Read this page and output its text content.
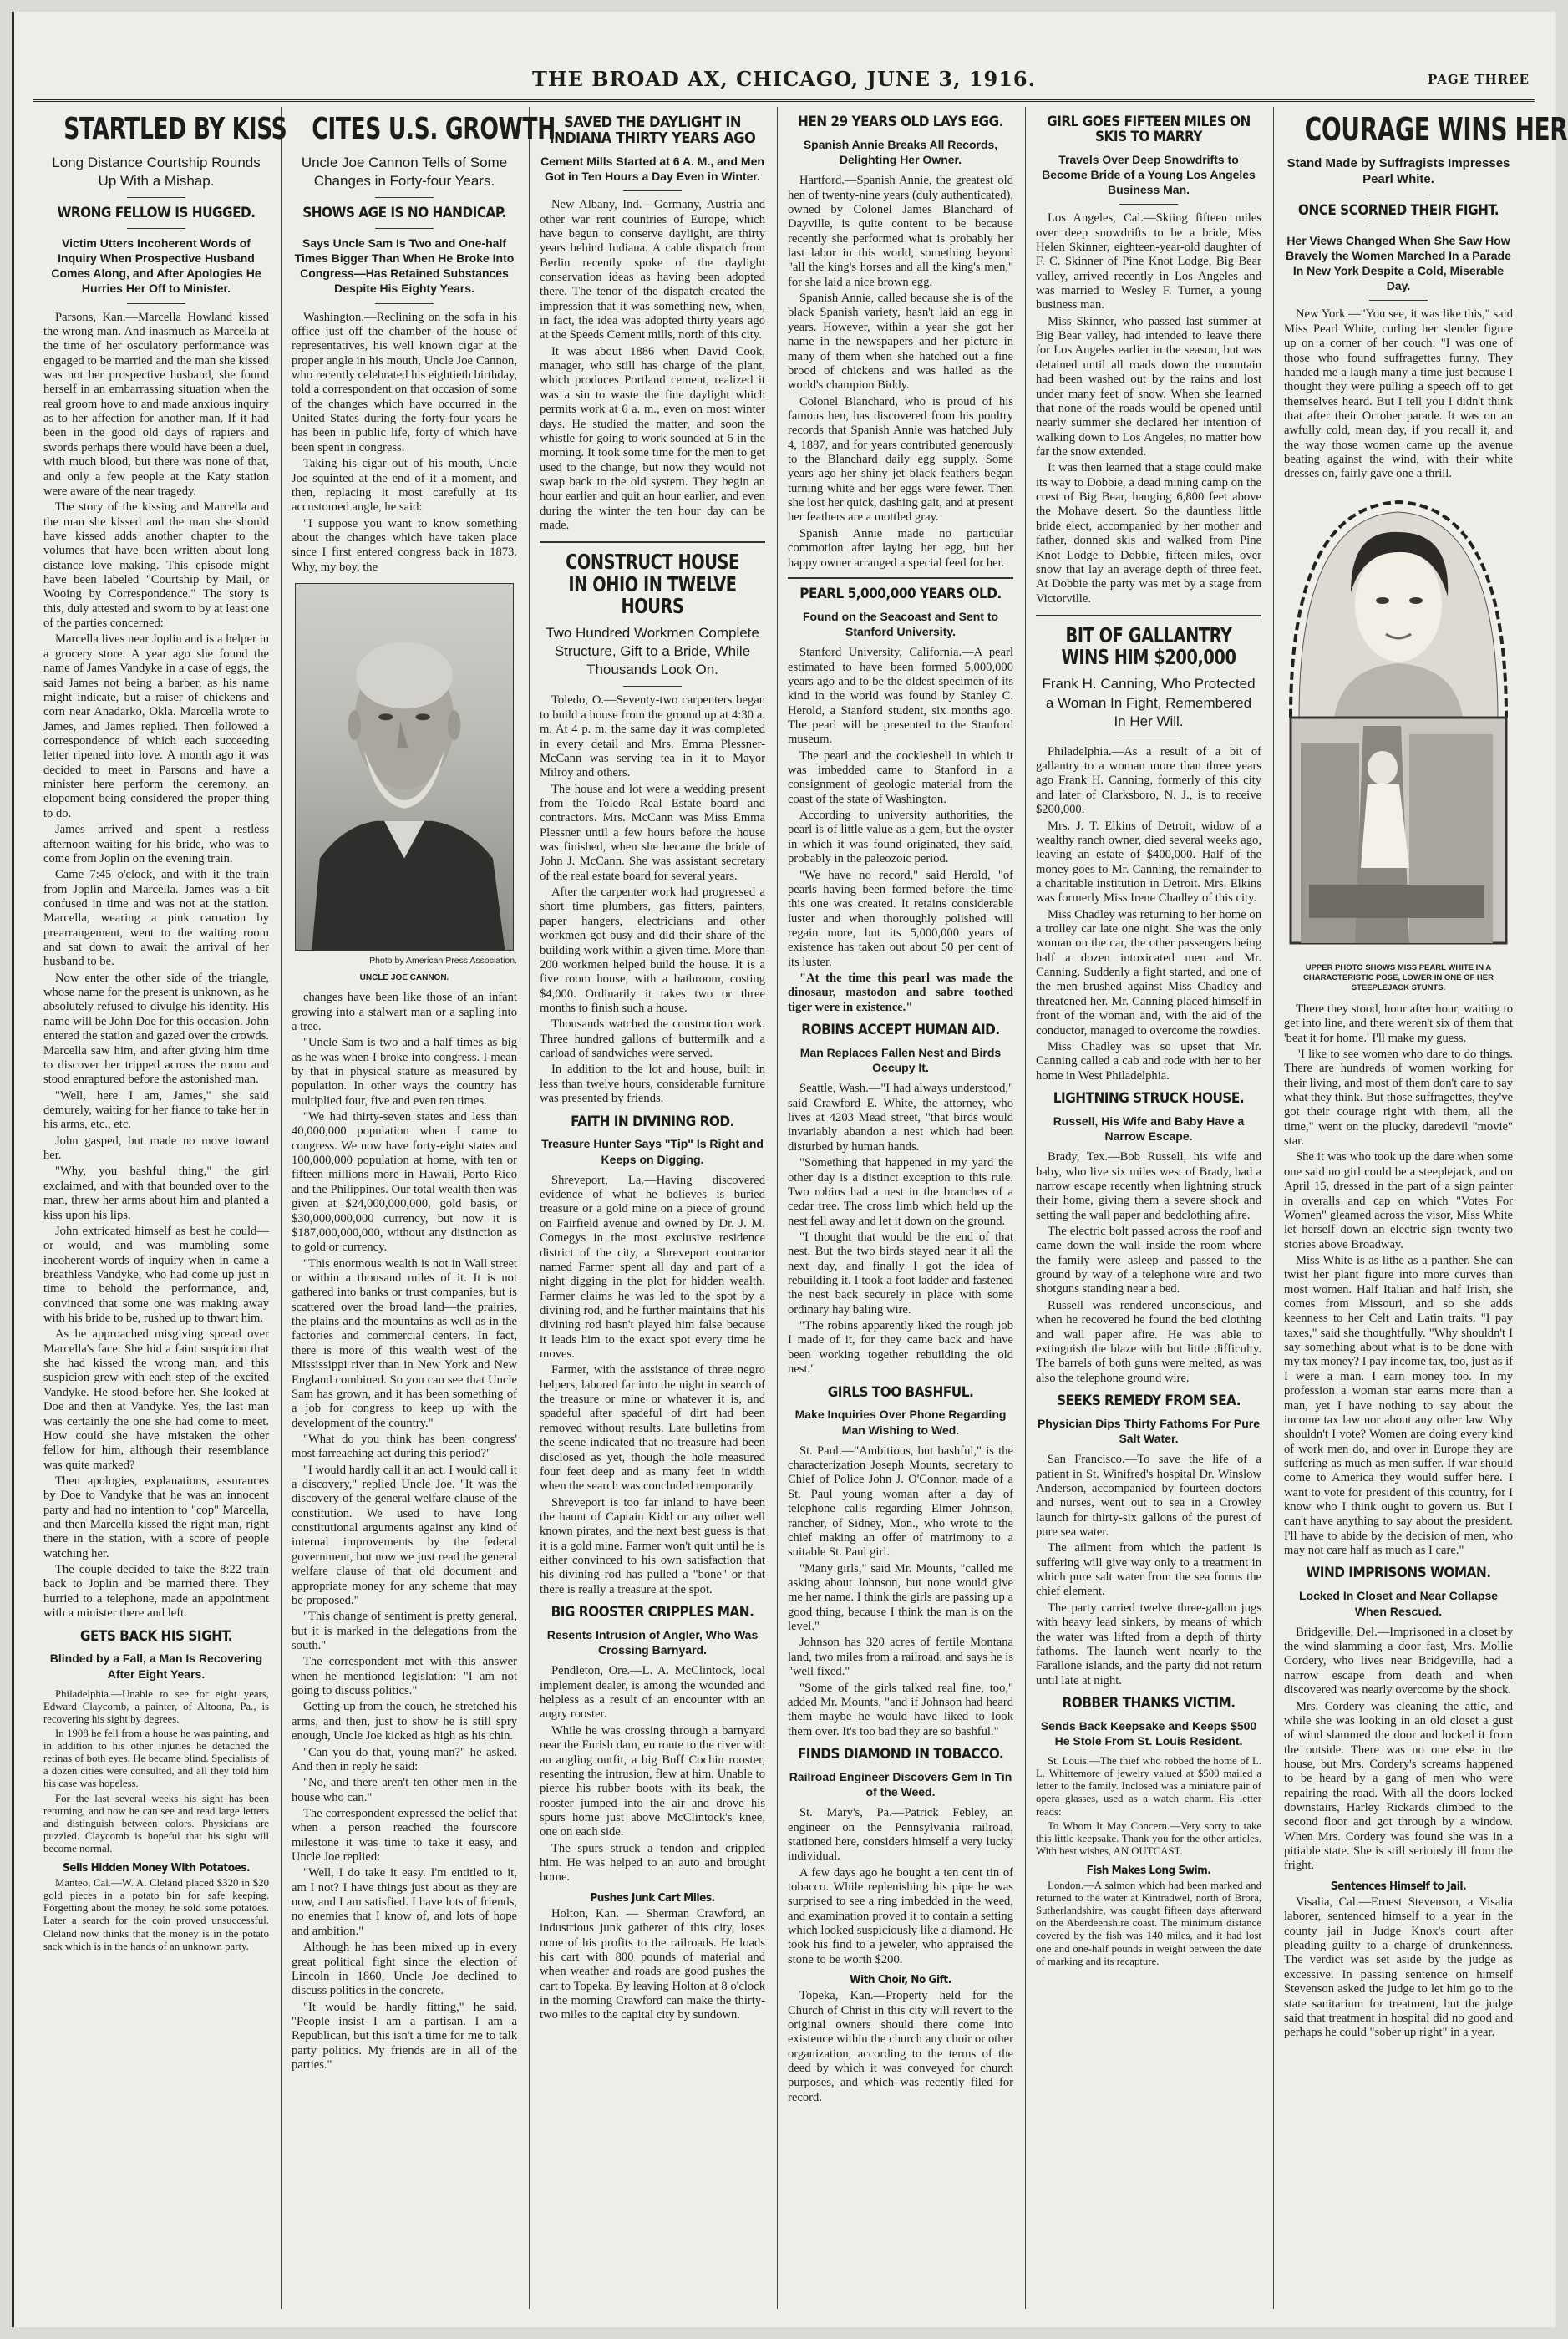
THE BROAD AX, CHICAGO, JUNE 3, 1916.	PAGE THREE
STARTLED BY KISS
Long Distance Courtship Rounds Up With a Mishap.
WRONG FELLOW IS HUGGED.
Victim Utters Incoherent Words of Inquiry When Prospective Husband Comes Along, and After Apologies He Hurries Her Off to Minister.

Parsons, Kan.—Marcella Howland kissed the wrong man. And inasmuch as Marcella at the time of her osculatory performance was engaged to be married and the man she kissed was not her prospective husband, she found herself in an embarrassing situation when the real groom hove to and made anxious inquiry as to her affection for another man. If it had been in the good old days of rapiers and swords perhaps there would have been a duel, with much blood, but there was none of that, and only a few people at the Katy station were aware of the near tragedy.

The story of the kissing and Marcella and the man she kissed and the man she should have kissed adds another chapter to the volumes that have been written about long distance love making. This episode might have been labeled "Courtship by Mail, or Wooing by Correspondence." The story is this, duly attested and sworn to by at least one of the parties concerned:

Marcella lives near Joplin and is a helper in a grocery store. A year ago she found the name of James Vandyke in a case of eggs, the said James not being a barber, as his name might indicate, but a raiser of chickens and corn near Anadarko, Okla. Marcella wrote to James, and James replied. Then followed a correspondence of which each succeeding letter ripened into love. A month ago it was decided to meet in Parsons and have a minister here perform the ceremony, an elopement being considered the proper thing to do.

James arrived and spent a restless afternoon waiting for his bride, who was to come from Joplin on the evening train.

Came 7:45 o'clock, and with it the train from Joplin and Marcella. James was a bit confused in time and was not at the station. Marcella, wearing a pink carnation by prearrangement, went to the waiting room and sat down to await the arrival of her husband to be.

Now enter the other side of the triangle, whose name for the present is unknown, as he absolutely refused to divulge his identity. His name will be John Doe for this occasion. John entered the station and gazed over the crowds. Marcella saw him, and after giving him time to discover her tripped across the room and stood enraptured before the astonished man.

"Well, here I am, James," she said demurely, waiting for her fiance to take her in his arms, etc., etc.

John gasped, but made no move toward her.

"Why, you bashful thing," the girl exclaimed, and with that bounded over to the man, threw her arms about him and planted a kiss upon his lips.

John extricated himself as best he could—or would, and was mumbling some incoherent words of inquiry when in came a breathless Vandyke, who had come up just in time to behold the performance, and, convinced that some one was making away with his bride to be, rushed up to thwart him.

As he approached misgiving spread over Marcella's face. She hid a faint suspicion that she had kissed the wrong man, and this suspicion grew with each step of the excited Vandyke. He stood before her. She looked at Doe and then at Vandyke. Yes, the last man was certainly the one she had come to meet. How could she have mistaken the other fellow for him, although their resemblance was quite marked?

Then apologies, explanations, assurances by Doe to Vandyke that he was an innocent party and had no intention to "cop" Marcella, and then Marcella kissed the right man, right there in the station, with a score of people watching her.

The couple decided to take the 8:22 train back to Joplin and be married there. They hurried to a telephone, made an appointment with a minister there and left.

GETS BACK HIS SIGHT.
Blinded by a Fall, a Man Is Recovering After Eight Years.

Philadelphia.—Unable to see for eight years, Edward Claycomb, a painter, of Altoona, Pa., is recovering his sight by degrees.

In 1908 he fell from a house he was painting, and in addition to his other injuries he detached the retinas of both eyes. He became blind. Specialists of a dozen cities were consulted, and all they told him his case was hopeless.

For the last several weeks his sight has been returning, and now he can see and read large letters and distinguish between colors. Physicians are puzzled. Claycomb is hopeful that his sight will become normal.

Sells Hidden Money With Potatoes.

Manteo, Cal.—W. A. Cleland placed $320 in $20 gold pieces in a potato bin for safe keeping. Forgetting about the money, he sold some potatoes. Later a search for the coin proved unsuccessful. Cleland now thinks that the money is in the potato sack which is in the hands of an unknown party.

CITES U.S. GROWTH
Uncle Joe Cannon Tells of Some Changes in Forty-four Years.
SHOWS AGE IS NO HANDICAP.
Says Uncle Sam Is Two and One-half Times Bigger Than When He Broke Into Congress—Has Retained Substances Despite His Eighty Years.

Washington.—Reclining on the sofa in his office just off the chamber of the house of representatives, his well known cigar at the proper angle in his mouth, Uncle Joe Cannon, who recently celebrated his eightieth birthday, told a correspondent on that occasion of some of the changes which have occurred in the United States during the forty-four years he has been in public life, forty of which have been spent in congress.

Taking his cigar out of his mouth, Uncle Joe squinted at the end of it a moment, and then, replacing it most carefully at its accustomed angle, he said:

"I suppose you want to know something about the changes which have taken place since I first entered congress back in 1873. Why, my boy, the

Photo by American Press Association.
UNCLE JOE CANNON.

changes have been like those of an infant growing into a stalwart man or a sapling into a tree.

"Uncle Sam is two and a half times as big as he was when I broke into congress. I mean by that in physical stature as measured by population. In other ways the country has multiplied four, five and even ten times.

"We had thirty-seven states and less than 40,000,000 population when I came to congress. We now have forty-eight states and 100,000,000 population at home, with ten or fifteen millions more in Hawaii, Porto Rico and the Philippines. Our total wealth then was given at $24,000,000,000, gold basis, or $30,000,000,000 currency, but now it is $187,000,000,000, without any distinction as to gold or currency.

"This enormous wealth is not in Wall street or within a thousand miles of it. It is not gathered into banks or trust companies, but is scattered over the broad land—the prairies, the plains and the mountains as well as in the factories and commercial centers. In fact, there is more of this wealth west of the Mississippi river than in New York and New England combined. So you can see that Uncle Sam has grown, and it has been something of a job for congress to keep up with the development of the country."

"What do you think has been congress' most farreaching act during this period?"

"I would hardly call it an act. I would call it a discovery," replied Uncle Joe. "It was the discovery of the general welfare clause of the constitution. We used to have long constitutional arguments against any kind of internal improvements by the federal government, but now we just read the general welfare clause of that old document and appropriate money for any scheme that may be proposed."

"This change of sentiment is pretty general, but it is marked in the delegations from the south."

The correspondent met with this answer when he mentioned legislation: "I am not going to discuss politics."

Getting up from the couch, he stretched his arms, and then, just to show he is still spry enough, Uncle Joe kicked as high as his chin.

"Can you do that, young man?" he asked. And then in reply he said:

"No, and there aren't ten other men in the house who can."

The correspondent expressed the belief that when a person reached the fourscore milestone it was time to take it easy, and Uncle Joe replied:

"Well, I do take it easy. I'm entitled to it, am I not? I have things just about as they are now, and I am satisfied. I have lots of friends, no enemies that I know of, and lots of hope and ambition."

Although he has been mixed up in every great political fight since the election of Lincoln in 1860, Uncle Joe declined to discuss politics in the concrete.

"It would be hardly fitting," he said. "People insist I am a partisan. I am a Republican, but this isn't a time for me to talk party politics. My friends are in all of the parties."

SAVED THE DAYLIGHT IN INDIANA THIRTY YEARS AGO
Cement Mills Started at 6 A. M., and Men Got in Ten Hours a Day Even in Winter.

New Albany, Ind.—Germany, Austria and other war rent countries of Europe, which have begun to conserve daylight, are thirty years behind Indiana. A cable dispatch from Berlin recently spoke of the daylight conservation ideas as having been adopted there. The tenor of the dispatch created the impression that it was something new, when, in fact, the idea was adopted thirty years ago at the Speeds Cement mills, north of this city.

It was about 1886 when David Cook, manager, who still has charge of the plant, which produces Portland cement, realized it was a sin to waste the fine daylight which permits work at 6 a. m., even on most winter days. He studied the matter, and soon the whistle for going to work sounded at 6 in the morning. It took some time for the men to get used to the change, but now they would not swap back to the old system. They begin an hour earlier and quit an hour earlier, and even during the winter the ten hour day can be made.

CONSTRUCT HOUSE IN OHIO IN TWELVE HOURS
Two Hundred Workmen Complete Structure, Gift to a Bride, While Thousands Look On.

Toledo, O.—Seventy-two carpenters began to build a house from the ground up at 4:30 a. m. At 4 p. m. the same day it was completed in every detail and Mrs. Emma Plessner-McCann was serving tea in it to Mayor Milroy and others.

The house and lot were a wedding present from the Toledo Real Estate board and contractors. Mrs. McCann was Miss Emma Plessner until a few hours before the house was finished, when she became the bride of John J. McCann. She was assistant secretary of the real estate board for several years.

After the carpenter work had progressed a short time plumbers, gas fitters, painters, paper hangers, electricians and other workmen got busy and did their share of the building work within a given time. More than 200 workmen helped build the house. It is a five room house, with a bathroom, costing $4,000. Ordinarily it takes two or three months to finish such a house.

Thousands watched the construction work. Three hundred gallons of buttermilk and a carload of sandwiches were served.

In addition to the lot and house, built in less than twelve hours, considerable furniture was presented by friends.

FAITH IN DIVINING ROD.
Treasure Hunter Says "Tip" Is Right and Keeps on Digging.

Shreveport, La.—Having discovered evidence of what he believes is buried treasure or a gold mine on a piece of ground on Fairfield avenue and owned by Dr. J. M. Comegys in the most exclusive residence district of the city, a Shreveport contractor named Farmer spent all day and part of a night digging in the plot for hidden wealth. Farmer claims he was led to the spot by a divining rod, and he further maintains that his divining rod hasn't played him false because it leads him to the exact spot every time he moves.

Farmer, with the assistance of three negro helpers, labored far into the night in search of the treasure or mine or whatever it is, and spadeful after spadeful of dirt had been removed without results. Late bulletins from the scene indicated that no treasure had been disclosed as yet, though the hole measured four feet deep and as many feet in width when the search was concluded temporarily.

Shreveport is too far inland to have been the haunt of Captain Kidd or any other well known pirates, and the next best guess is that it is a gold mine. Farmer won't quit until he is either convinced to his own satisfaction that his divining rod has pulled a "bone" or that there is really a treasure at the spot.

BIG ROOSTER CRIPPLES MAN.
Resents Intrusion of Angler, Who Was Crossing Barnyard.

Pendleton, Ore.—L. A. McClintock, local implement dealer, is among the wounded and helpless as a result of an encounter with an angry rooster.

While he was crossing through a barnyard near the Furish dam, en route to the river with an angling outfit, a big Buff Cochin rooster, resenting the intrusion, flew at him. Unable to pierce his rubber boots with its beak, the rooster jumped into the air and drove his spurs home just above McClintock's knee, one on each side.

The spurs struck a tendon and crippled him. He was helped to an auto and brought home.

Pushes Junk Cart Miles.

Holton, Kan. — Sherman Crawford, an industrious junk gatherer of this city, loses none of his profits to the railroads. He loads his cart with 800 pounds of material and when weather and roads are good pushes the cart to Topeka. By leaving Holton at 8 o'clock in the morning Crawford can make the thirty-two miles to the capital city by sundown.

HEN 29 YEARS OLD LAYS EGG.
Spanish Annie Breaks All Records, Delighting Her Owner.

Hartford.—Spanish Annie, the greatest old hen of twenty-nine years (duly authenticated), owned by Colonel James Blanchard of Dayville, is quite content to be because recently she performed what is probably her last labor in this world, something beyond "all the king's horses and all the king's men," for she laid a nice brown egg.

Spanish Annie, called because she is of the black Spanish variety, hasn't laid an egg in years. However, within a year she got her name in the newspapers and her picture in many of them when she hatched out a fine brood of chickens and was hailed as the world's champion Biddy.

Colonel Blanchard, who is proud of his famous hen, has discovered from his poultry records that Spanish Annie was hatched July 4, 1887, and for years contributed generously to the Blanchard daily egg supply. Some years ago her shiny jet black feathers began turning white and her eggs were fewer. Then she lost her quick, dashing gait, and at present her feathers are a mottled gray.

Spanish Annie made no particular commotion after laying her egg, but her happy owner arranged a special feed for her.

PEARL 5,000,000 YEARS OLD.
Found on the Seacoast and Sent to Stanford University.

Stanford University, California.—A pearl estimated to have been formed 5,000,000 years ago and to be the oldest specimen of its kind in the world was found by Stanley C. Herold, a Stanford student, six months ago. The pearl will be presented to the Stanford museum.

The pearl and the cockleshell in which it was imbedded came to Stanford in a consignment of geologic material from the coast of the state of Washington.

According to university authorities, the pearl is of little value as a gem, but the oyster in which it was found originated, they said, probably in the paleozoic period.

"We have no record," said Herold, "of pearls having been formed before the time this one was created. It retains considerable luster and when thoroughly polished will regain more, but its 5,000,000 years of existence has taken out about 50 per cent of its luster.

"At the time this pearl was made the dinosaur, mastodon and sabre toothed tiger were in existence."

ROBINS ACCEPT HUMAN AID.
Man Replaces Fallen Nest and Birds Occupy It.

Seattle, Wash.—"I had always understood," said Crawford E. White, the attorney, who lives at 4203 Mead street, "that birds would invariably abandon a nest which had been disturbed by human hands.

"Something that happened in my yard the other day is a distinct exception to this rule. Two robins had a nest in the branches of a cedar tree. The cross limb which held up the nest fell away and let it down on the ground.

"I thought that would be the end of that nest. But the two birds stayed near it all the next day, and finally I got the idea of rebuilding it. I took a foot ladder and fastened the nest back securely in place with some ordinary hay baling wire.

"The robins apparently liked the rough job I made of it, for they came back and have been working together rebuilding the old nest."

GIRLS TOO BASHFUL.
Make Inquiries Over Phone Regarding Man Wishing to Wed.

St. Paul.—"Ambitious, but bashful," is the characterization Joseph Mounts, secretary to Chief of Police John J. O'Connor, made of a St. Paul young woman after a day of telephone calls regarding Elmer Johnson, rancher, of Sidney, Mon., who wrote to the chief making an offer of matrimony to a suitable St. Paul girl.

"Many girls," said Mr. Mounts, "called me asking about Johnson, but none would give me her name. I think the girls are passing up a good thing, because I think the man is on the level."

Johnson has 320 acres of fertile Montana land, two miles from a railroad, and says he is "well fixed."

"Some of the girls talked real fine, too," added Mr. Mounts, "and if Johnson had heard them maybe he would have liked to look them over. It's too bad they are so bashful."

FINDS DIAMOND IN TOBACCO.
Railroad Engineer Discovers Gem In Tin of the Weed.

St. Mary's, Pa.—Patrick Febley, an engineer on the Pennsylvania railroad, stationed here, considers himself a very lucky individual.

A few days ago he bought a ten cent tin of tobacco. While replenishing his pipe he was surprised to see a ring imbedded in the weed, and examination proved it to contain a setting which looked suspiciously like a diamond. He took his find to a jeweler, who appraised the stone to be worth $200.

With Choir, No Gift.

Topeka, Kan.—Property held for the Church of Christ in this city will revert to the original owners should there come into existence within the church any choir or other organization, according to the terms of the deed by which it was conveyed for church purposes, and which was recently filed for record.

GIRL GOES FIFTEEN MILES ON SKIS TO MARRY
Travels Over Deep Snowdrifts to Become Bride of a Young Los Angeles Business Man.

Los Angeles, Cal.—Skiing fifteen miles over deep snowdrifts to be a bride, Miss Helen Skinner, eighteen-year-old daughter of F. C. Skinner of Pine Knot Lodge, Big Bear valley, arrived recently in Los Angeles and was married to Wesley F. Turner, a young business man.

Miss Skinner, who passed last summer at Big Bear valley, had intended to leave there for Los Angeles earlier in the season, but was detained until all roads down the mountain had been washed out by the rains and lost under many feet of snow. When she learned that none of the roads would be opened until nearly summer she declared her intention of walking down to Los Angeles, no matter how far the snow extended.

It was then learned that a stage could make its way to Dobbie, a dead mining camp on the crest of Big Bear, hanging 6,800 feet above the Mohave desert. So the dauntless little bride elect, accompanied by her mother and father, donned skis and walked from Pine Knot Lodge to Dobbie, fifteen miles, over snow that lay an average depth of three feet. At Dobbie the party was met by a stage from Victorville.

BIT OF GALLANTRY WINS HIM $200,000
Frank H. Canning, Who Protected a Woman In Fight, Remembered In Her Will.

Philadelphia.—As a result of a bit of gallantry to a woman more than three years ago Frank H. Canning, formerly of this city and later of Clarksboro, N. J., is to receive $200,000.

Mrs. J. T. Elkins of Detroit, widow of a wealthy ranch owner, died several weeks ago, leaving an estate of $400,000. Half of the money goes to Mr. Canning, the remainder to a charitable institution in Detroit. Mrs. Elkins was formerly Miss Irene Chadley of this city.

Miss Chadley was returning to her home on a trolley car late one night. She was the only woman on the car, the other passengers being half a dozen intoxicated men and Mr. Canning. Suddenly a fight started, and one of the men brushed against Miss Chadley and threatened her. Mr. Canning placed himself in front of the woman and, with the aid of the conductor, managed to overcome the rowdies.

Miss Chadley was so upset that Mr. Canning called a cab and rode with her to her home in West Philadelphia.

LIGHTNING STRUCK HOUSE.
Russell, His Wife and Baby Have a Narrow Escape.

Brady, Tex.—Bob Russell, his wife and baby, who live six miles west of Brady, had a narrow escape recently when lightning struck their home, giving them a severe shock and setting the wall paper and bedclothing afire.

The electric bolt passed across the roof and came down the wall inside the room where the family were asleep and passed to the ground by way of a telephone wire and two shotguns standing near a bed.

Russell was rendered unconscious, and when he recovered he found the bed clothing and wall paper afire. He was able to extinguish the blaze with but little difficulty. The barrels of both guns were melted, as was also the telephone ground wire.

SEEKS REMEDY FROM SEA.
Physician Dips Thirty Fathoms For Pure Salt Water.

San Francisco.—To save the life of a patient in St. Winifred's hospital Dr. Winslow Anderson, accompanied by fourteen doctors and nurses, went out to sea in a Crowley launch for thirty-six gallons of the purest of pure sea water.

The ailment from which the patient is suffering will give way only to a treatment in which pure salt water from the sea forms the chief element.

The party carried twelve three-gallon jugs with heavy lead sinkers, by means of which the water was lifted from a depth of thirty fathoms. The launch went nearly to the Farallone islands, and the party did not return until late at night.

ROBBER THANKS VICTIM.
Sends Back Keepsake and Keeps $500 He Stole From St. Louis Resident.

St. Louis.—The thief who robbed the home of L. L. Whittemore of jewelry valued at $500 mailed a letter to the family. Inclosed was a miniature pair of opera glasses, used as a watch charm. His letter reads:

To Whom It May Concern.—Very sorry to take this little keepsake. Thank you for the other articles. With best wishes, AN OUTCAST.

Fish Makes Long Swim.

London.—A salmon which had been marked and returned to the water at Kintradwel, north of Brora, Sutherlandshire, was caught fifteen days afterward on the Aberdeenshire coast. The minimum distance covered by the fish was 140 miles, and it had lost one and one-half pounds in weight between the date of marking and its recapture.

COURAGE WINS HER
Stand Made by Suffragists Impresses Pearl White.
ONCE SCORNED THEIR FIGHT.
Her Views Changed When She Saw How Bravely the Women Marched In a Parade In New York Despite a Cold, Miserable Day.

New York.—"You see, it was like this," said Miss Pearl White, curling her slender figure up on a corner of her couch. "I was one of those who found suffragettes funny. They handed me a laugh many a time just because I thought they were pulling a speech off to get themselves heard. But I tell you I didn't think that after their October parade. It was on an awfully cold, mean day, if you recall it, and the way those women came up the avenue beating against the wind, with their white dresses on, fairly gave one a thrill.

UPPER PHOTO SHOWS MISS PEARL WHITE IN A CHARACTERISTIC POSE, LOWER IN ONE OF HER STEEPLEJACK STUNTS.

There they stood, hour after hour, waiting to get into line, and there weren't six of them that 'beat it for home.' I'll make my guess.

"I like to see women who dare to do things. There are hundreds of women working for their living, and most of them don't care to say what they think. But those suffragettes, they've got their courage right with them, all the time," went on the plucky, daredevil "movie" star.

She it was who took up the dare when some one said no girl could be a steeplejack, and on April 15, dressed in the part of a sign painter in overalls and cap on which "Votes For Women" gleamed across the visor, Miss White let herself down an electric sign twenty-two stories above Broadway.

Miss White is as lithe as a panther. She can twist her plant figure into more curves than most women. Half Italian and half Irish, she comes from Missouri, and so she adds keenness to her Celt and Latin traits. "I pay taxes," said she thoughtfully. "Why shouldn't I say something about what is to be done with my tax money? I pay income tax, too, just as if I were a man. I earn money too. In my profession a woman star earns more than a man, yet I have nothing to say about the income tax law nor about any other law. Why shouldn't I vote? Women are doing every kind of work men do, and over in Europe they are suffering as much as men suffer. If war should come to America they would suffer here. I want to vote for president of this country, for I know who I think ought to govern us. But I can't have anything to say about the president. I'll have to abide by the decision of men, who may not care half as much as I care."

WIND IMPRISONS WOMAN.
Locked In Closet and Near Collapse When Rescued.

Bridgeville, Del.—Imprisoned in a closet by the wind slamming a door fast, Mrs. Mollie Cordery, who lives near Bridgeville, had a narrow escape from death and when discovered was nearly overcome by the shock.

Mrs. Cordery was cleaning the attic, and while she was looking in an old closet a gust of wind slammed the door and locked it from the outside. There was no one else in the house, but Mrs. Cordery's screams happened to be heard by a gang of men who were repairing the road. With all the doors locked downstairs, Harley Rickards climbed to the second floor and got through by a window. When Mrs. Cordery was found she was in a pitiable state. She is still seriously ill from the fright.

Sentences Himself to Jail.

Visalia, Cal.—Ernest Stevenson, a Visalia laborer, sentenced himself to a year in the county jail in Judge Knox's court after pleading guilty to a charge of drunkenness. The verdict was set aside by the judge as excessive. In passing sentence on himself Stevenson asked the judge to let him go to the state sanitarium for treatment, but the judge said that treatment in hospital did no good and perhaps he could "sober up right" in a year.
